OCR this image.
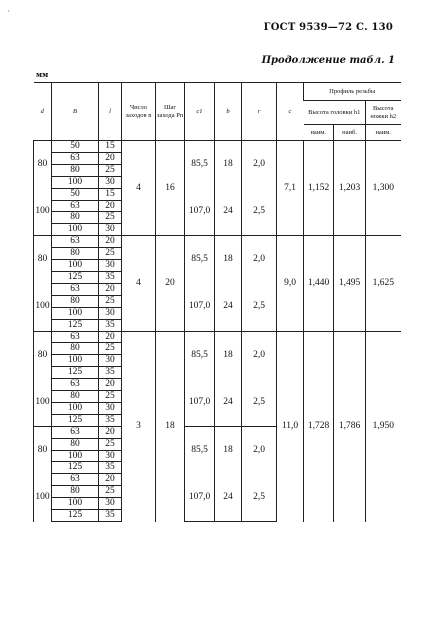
ГОСТ 9539—72 С. 130
Продолжение табл. 1
мм
'
d	B	l	Число заходов n	Шаг захода Pn	c1	b	r	c	Профиль резьбы		
									Высота головки h1		Высота ножки h2
									наим.	наиб.	наим.
80	50	15	4	16	85,5	18	2,0	7,1	1,152	1,203	1,300
	63	20									
	80	25									
	100	30									
100	50	15			107,0	24	2,5				
	63	20									
	80	25									
	100	30									
80	63	20	4	20	85,5	18	2,0	9,0	1,440	1,495	1,625
	80	25									
	100	30									
	125	35									
100	63	20			107,0	24	2,5				
	80	25									
	100	30									
	125	35									
80	63	20	3	18	85,5	18	2,0	11,0	1,728	1,786	1,950
	80	25									
	100	30									
	125	35									
100	63	20			107,0	24	2,5				
	80	25									
	100	30									
	125	35									
80	63	20			85,5	18	2,0				
	80	25									
	100	30									
	125	35									
100	63	20			107,0	24	2,5				
	80	25									
	100	30									
	125	35									
